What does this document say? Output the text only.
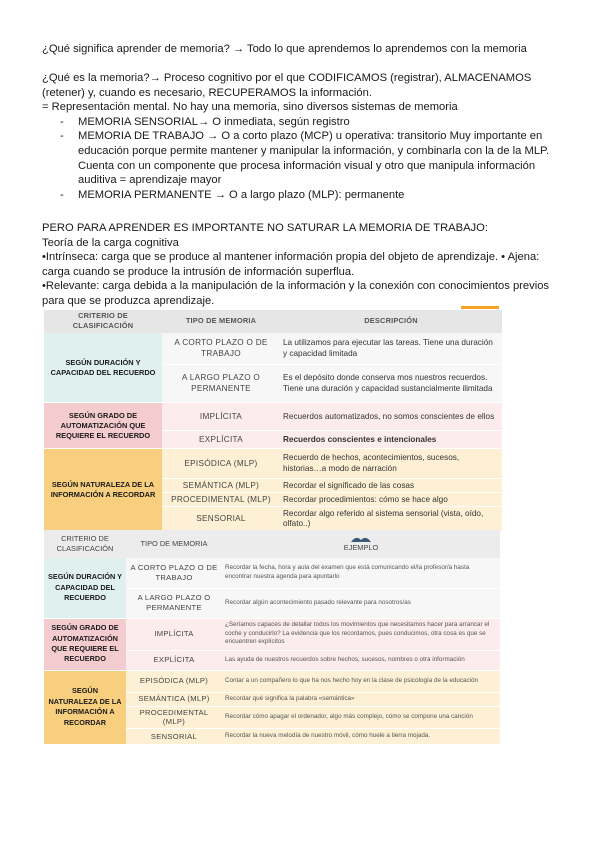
¿Qué significa aprender de memoria? → Todo lo que aprendemos lo aprendemos con la memoria

¿Qué es la memoria?→ Proceso cognitivo por el que CODIFICAMOS (registrar), ALMACENAMOS (retener) y, cuando es necesario, RECUPERAMOS la información.

= Representación mental. No hay una memoria, sino diversos sistemas de memoria

- MEMORIA SENSORIAL→ O inmediata, según registro
- MEMORIA DE TRABAJO → O a corto plazo (MCP) u operativa: transitorio Muy importante en educación porque permite mantener y manipular la información, y combinarla con la de la MLP. Cuenta con un componente que procesa información visual y otro que manipula información auditiva = aprendizaje mayor
- MEMORIA PERMANENTE → O a largo plazo (MLP): permanente

PERO PARA APRENDER ES IMPORTANTE NO SATURAR LA MEMORIA DE TRABAJO:

Teoría de la carga cognitiva

•Intrínseca: carga que se produce al mantener información propia del objeto de aprendizaje. • Ajena: carga cuando se produce la intrusión de información superflua.

•Relevante: carga debida a la manipulación de la información y la conexión con conocimientos previos para que se produzca aprendizaje.

CRITERIO DE CLASIFICACIÓN	TIPO DE MEMORIA	DESCRIPCIÓN
SEGÚN DURACIÓN Y CAPACIDAD DEL RECUERDO	A CORTO PLAZO O DE TRABAJO	La utilizamos para ejecutar las tareas. Tiene una duración y capacidad limitada
	A LARGO PLAZO O PERMANENTE	Es el depósito donde conserva mos nuestros recuerdos. Tiene una duración y capacidad sustancialmente ilimitada
SEGÚN GRADO DE AUTOMATIZACIÓN QUE REQUIERE EL RECUERDO	IMPLÍCITA	Recuerdos automatizados, no somos conscientes de ellos
	EXPLÍCITA	Recuerdos conscientes e intencionales
SEGÚN NATURALEZA DE LA INFORMACIÓN A RECORDAR	EPISÓDICA (MLP)	Recuerdo de hechos, acontecimientos, sucesos, historias…a modo de narración
	SEMÁNTICA (MLP)	Recordar el significado de las cosas
	PROCEDIMENTAL (MLP)	Recordar procedimientos: cómo se hace algo
	SENSORIAL	Recordar algo referido al sistema sensorial (vista, oído, olfato..)
CRITERIO DE CLASIFICACIÓN	TIPO DE MEMORIA	EJEMPLO

SEGÚN DURACIÓN Y CAPACIDAD DEL RECUERDO	A CORTO PLAZO O DE TRABAJO	Recordar la fecha, hora y aula del examen que está comunicando el/la profesor/a hasta encontrar nuestra agenda para apuntarlo
	A LARGO PLAZO O PERMANENTE	Recordar algún acontecimiento pasado relevante para nosotros/as
SEGÚN GRADO DE AUTOMATIZACIÓN QUE REQUIERE EL RECUERDO	IMPLÍCITA	¿Seríamos capaces de detallar todos los movimientos que necesitamos hacer para arrancar el coche y conducirlo? La evidencia que los recordamos, pues conducimos, otra cosa es que se encuentren explícitos
	EXPLÍCITA	Las ayuda de nuestros recuerdos sobre hechos, sucesos, nombres o otra información
SEGÚN NATURALEZA DE LA INFORMACIÓN A RECORDAR	EPISÓDICA (MLP)	Contar a un compañero lo que ha nos hecho hoy en la clase de psicología de la educación
	SEMÁNTICA (MLP)	Recordar qué significa la palabra «semántica»
	PROCEDIMENTAL (MLP)	Recordar cómo apagar el ordenador, algo más complejo, cómo se compone una canción
	SENSORIAL	Recordar la nueva melodía de nuestro móvil, cómo huele a tierra mojada.
